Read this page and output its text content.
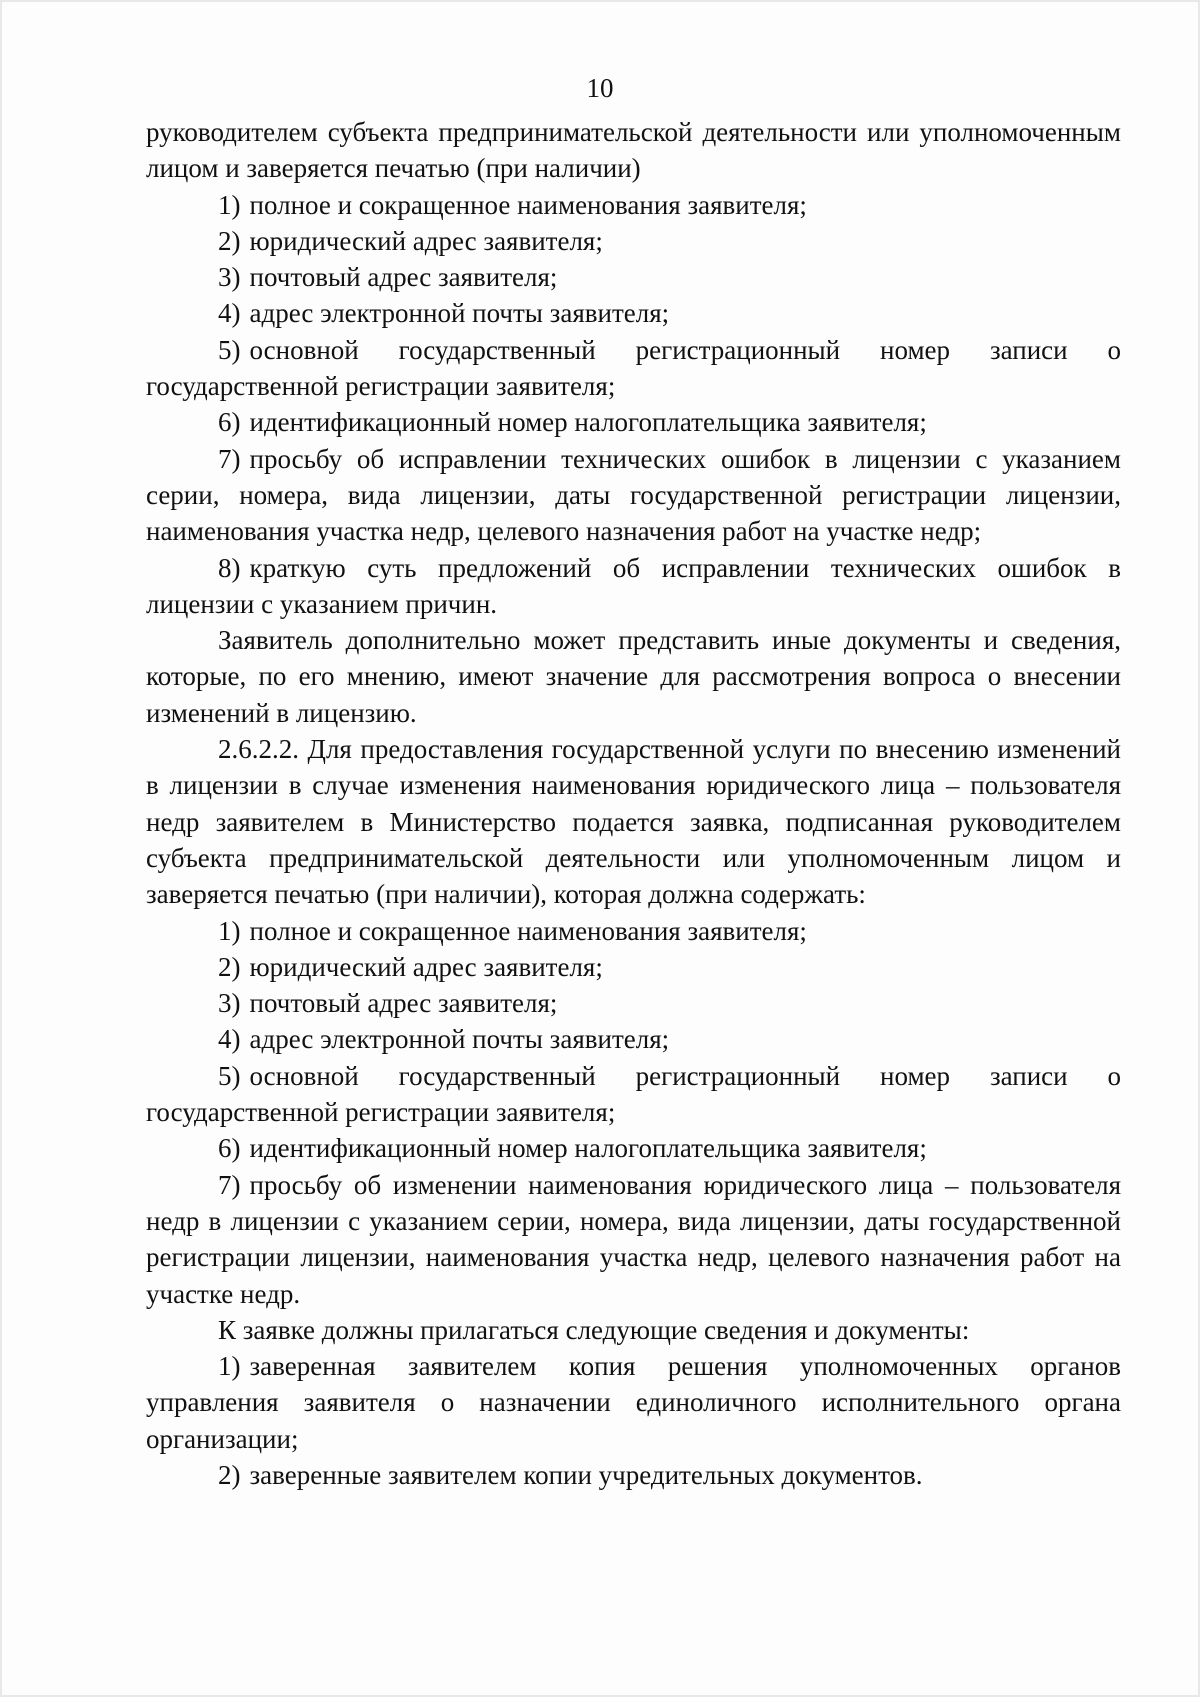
10

руководителем субъекта предпринимательской деятельности или уполномоченным лицом и заверяется печатью (при наличии)

1) полное и сокращенное наименования заявителя;

2) юридический адрес заявителя;

3) почтовый адрес заявителя;

4) адрес электронной почты заявителя;

5) основной государственный регистрационный номер записи о государственной регистрации заявителя;

6) идентификационный номер налогоплательщика заявителя;

7) просьбу об исправлении технических ошибок в лицензии с указанием серии, номера, вида лицензии, даты государственной регистрации лицензии, наименования участка недр, целевого назначения работ на участке недр;

8) краткую суть предложений об исправлении технических ошибок в лицензии с указанием причин.

Заявитель дополнительно может представить иные документы и сведения, которые, по его мнению, имеют значение для рассмотрения вопроса о внесении изменений в лицензию.

2.6.2.2. Для предоставления государственной услуги по внесению изменений в лицензии в случае изменения наименования юридического лица – пользователя недр заявителем в Министерство подается заявка, подписанная руководителем субъекта предпринимательской деятельности или уполномоченным лицом и заверяется печатью (при наличии), которая должна содержать:

1) полное и сокращенное наименования заявителя;

2) юридический адрес заявителя;

3) почтовый адрес заявителя;

4) адрес электронной почты заявителя;

5) основной государственный регистрационный номер записи о государственной регистрации заявителя;

6) идентификационный номер налогоплательщика заявителя;

7) просьбу об изменении наименования юридического лица – пользователя недр в лицензии с указанием серии, номера, вида лицензии, даты государственной регистрации лицензии, наименования участка недр, целевого назначения работ на участке недр.

К заявке должны прилагаться следующие сведения и документы:

1) заверенная заявителем копия решения уполномоченных органов управления заявителя о назначении единоличного исполнительного органа организации;

2) заверенные заявителем копии учредительных документов.
